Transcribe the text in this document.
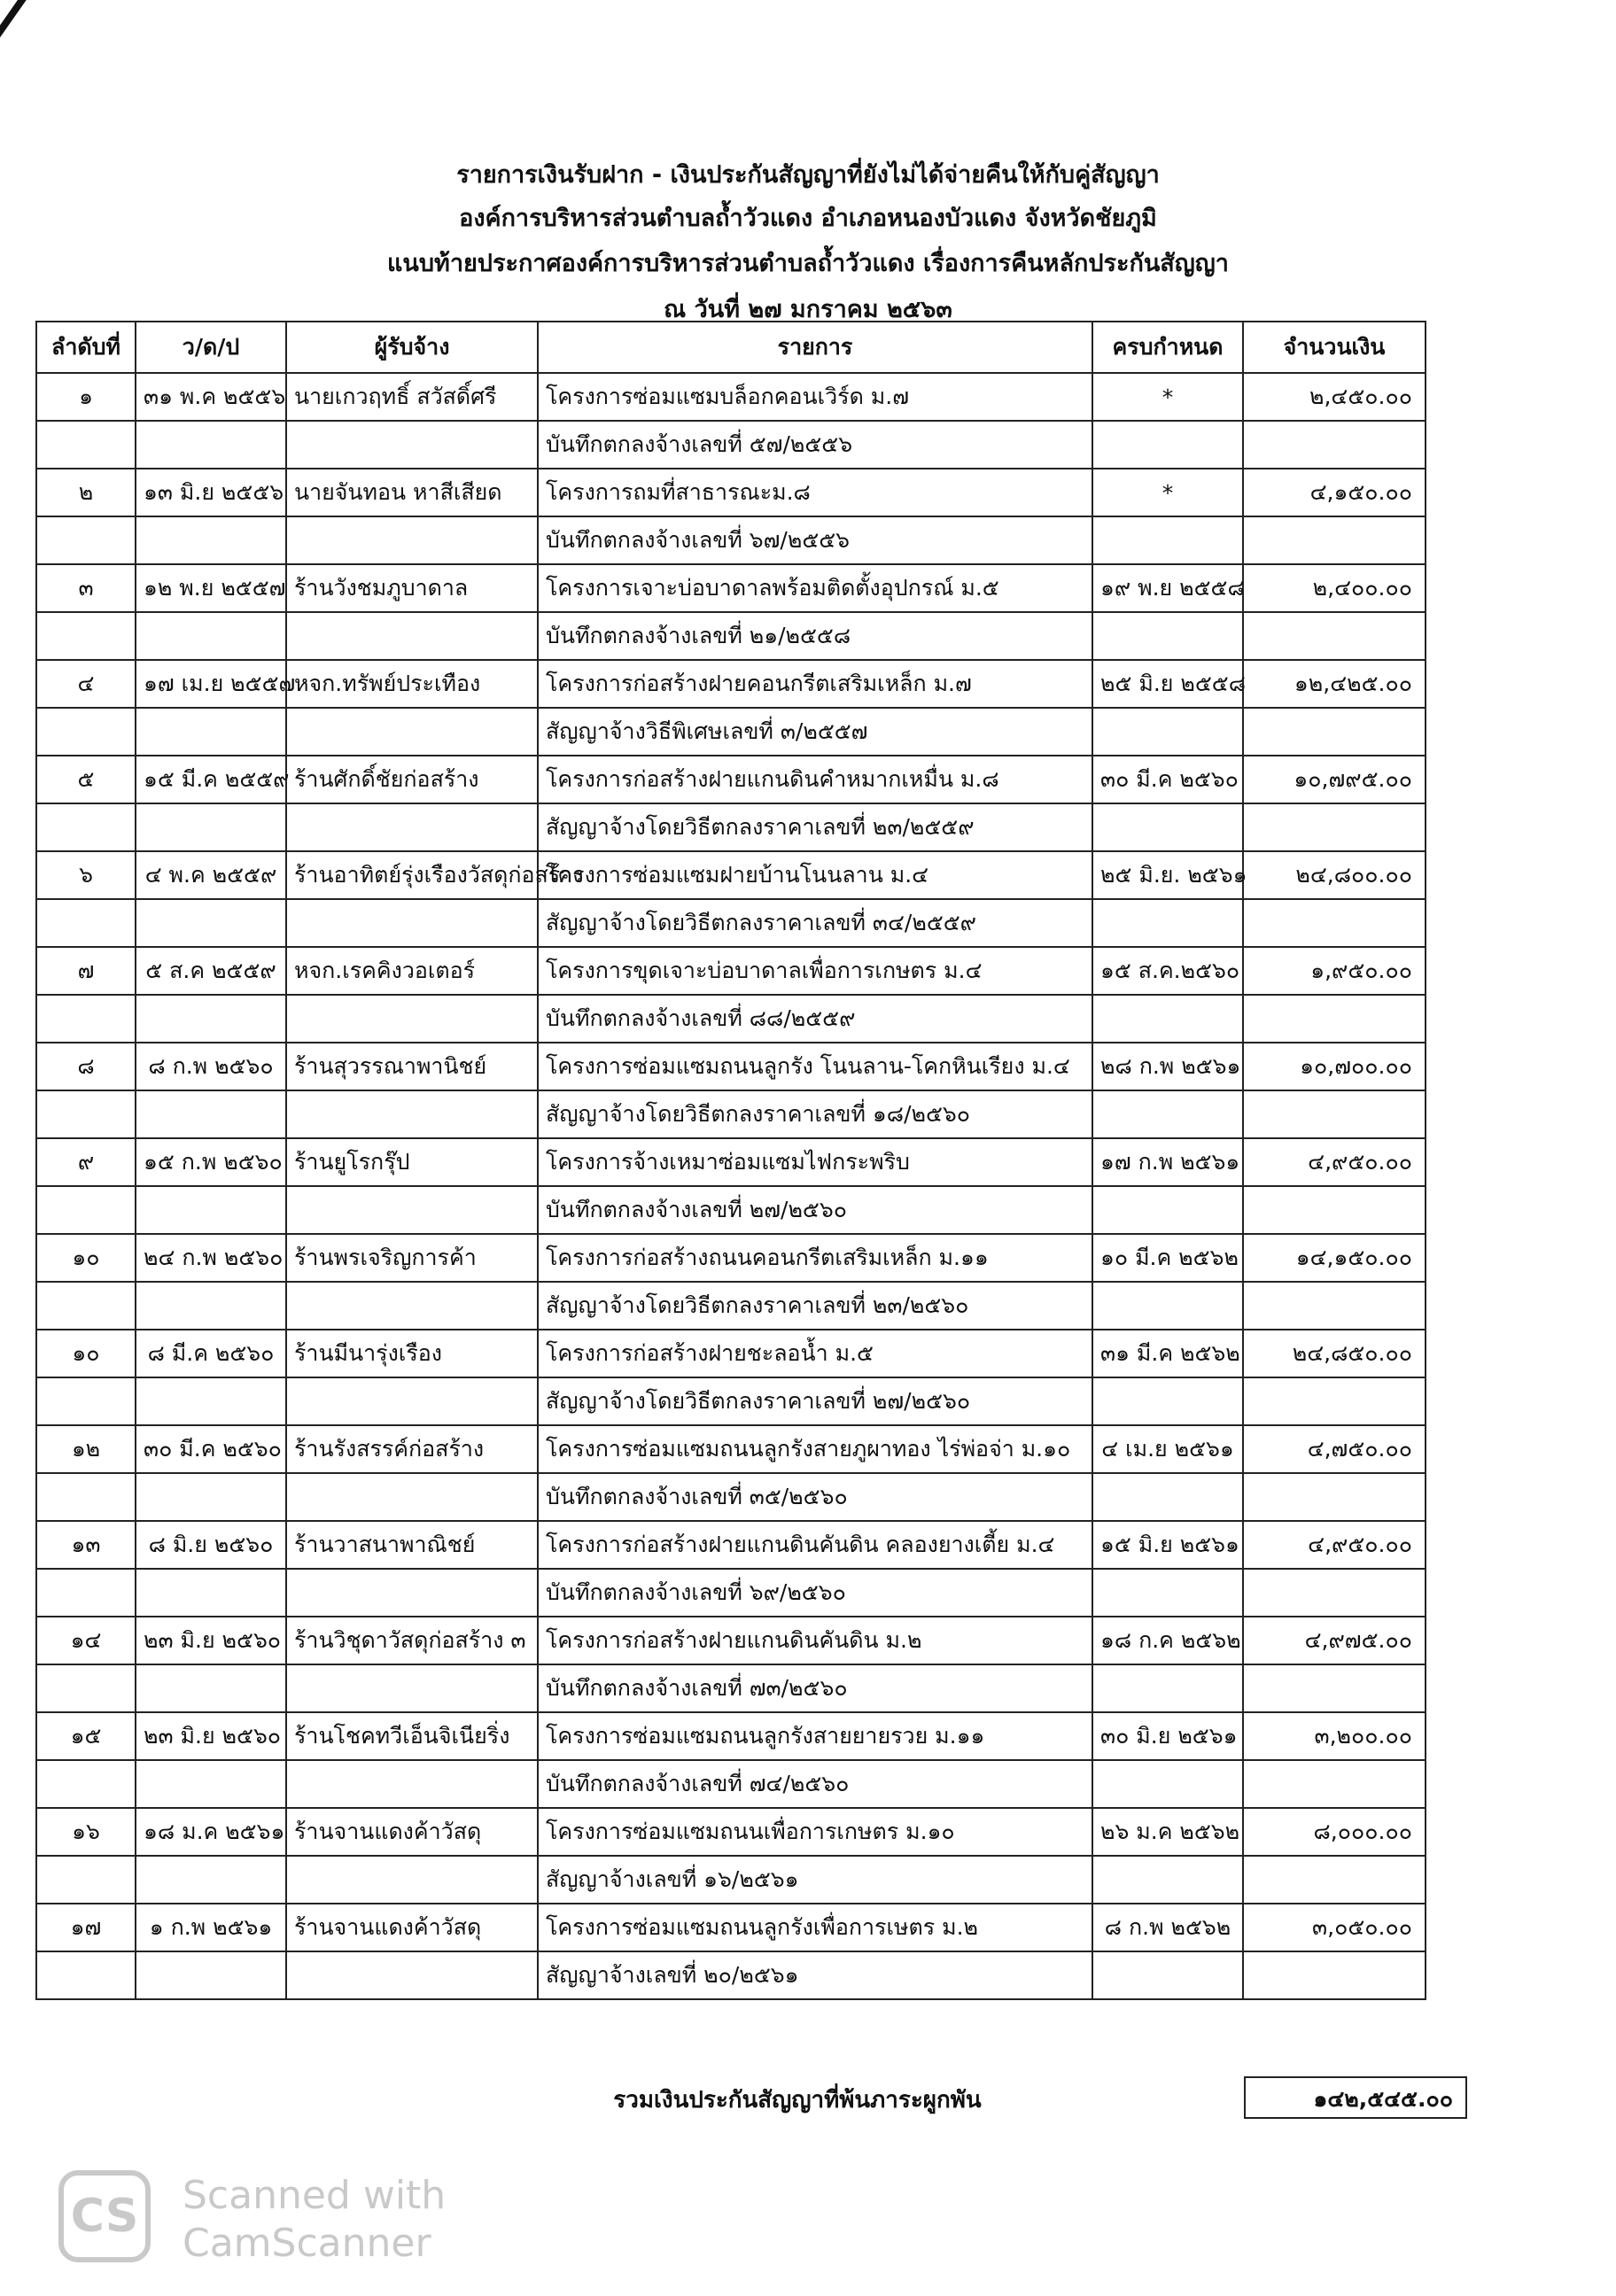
รายการเงินรับฝาก - เงินประกันสัญญาที่ยังไม่ได้จ่ายคืนให้กับคู่สัญญา
องค์การบริหารส่วนตำบลถ้ำวัวแดง อำเภอหนองบัวแดง จังหวัดชัยภูมิ
แนบท้ายประกาศองค์การบริหารส่วนตำบลถ้ำวัวแดง เรื่องการคืนหลักประกันสัญญา
ณ วันที่ ๒๗ มกราคม ๒๕๖๓
ลำดับที่	ว/ด/ป	ผู้รับจ้าง	รายการ	ครบกำหนด	จำนวนเงิน
๑	๓๑ พ.ค ๒๕๕๖	นายเกวฤทธิ์ สวัสดิ์ศรี	โครงการซ่อมแซมบล็อกคอนเวิร์ด ม.๗	*	๒,๔๕๐.๐๐
			บันทึกตกลงจ้างเลขที่ ๕๗/๒๕๕๖		
๒	๑๓ มิ.ย ๒๕๕๖	นายจันทอน หาสีเสียด	โครงการถมที่สาธารณะม.๘	*	๔,๑๕๐.๐๐
			บันทึกตกลงจ้างเลขที่ ๖๗/๒๕๕๖		
๓	๑๒ พ.ย ๒๕๕๗	ร้านวังชมภูบาดาล	โครงการเจาะบ่อบาดาลพร้อมติดตั้งอุปกรณ์ ม.๕	๑๙ พ.ย ๒๕๕๘	๒,๔๐๐.๐๐
			บันทึกตกลงจ้างเลขที่ ๒๑/๒๕๕๘		
๔	๑๗ เม.ย ๒๕๕๗	หจก.ทรัพย์ประเทือง	โครงการก่อสร้างฝายคอนกรีตเสริมเหล็ก ม.๗	๒๕ มิ.ย ๒๕๕๘	๑๒,๔๒๕.๐๐
			สัญญาจ้างวิธีพิเศษเลขที่ ๓/๒๕๕๗		
๕	๑๕ มี.ค ๒๕๕๙	ร้านศักดิ์ชัยก่อสร้าง	โครงการก่อสร้างฝายแกนดินคำหมากเหมื่น ม.๘	๓๐ มี.ค ๒๕๖๐	๑๐,๗๙๕.๐๐
			สัญญาจ้างโดยวิธีตกลงราคาเลขที่ ๒๓/๒๕๕๙		
๖	๔ พ.ค ๒๕๕๙	ร้านอาทิตย์รุ่งเรืองวัสดุก่อสร้าง	โครงการซ่อมแซมฝายบ้านโนนลาน ม.๔	๒๕ มิ.ย. ๒๕๖๑	๒๔,๘๐๐.๐๐
			สัญญาจ้างโดยวิธีตกลงราคาเลขที่ ๓๔/๒๕๕๙		
๗	๕ ส.ค ๒๕๕๙	หจก.เรคคิงวอเตอร์	โครงการขุดเจาะบ่อบาดาลเพื่อการเกษตร ม.๔	๑๕ ส.ค.๒๕๖๐	๑,๙๕๐.๐๐
			บันทึกตกลงจ้างเลขที่ ๘๘/๒๕๕๙		
๘	๘ ก.พ ๒๕๖๐	ร้านสุวรรณาพานิชย์	โครงการซ่อมแซมถนนลูกรัง โนนลาน-โคกหินเรียง ม.๔	๒๘ ก.พ ๒๕๖๑	๑๐,๗๐๐.๐๐
			สัญญาจ้างโดยวิธีตกลงราคาเลขที่ ๑๘/๒๕๖๐		
๙	๑๕ ก.พ ๒๕๖๐	ร้านยูโรกรุ๊ป	โครงการจ้างเหมาซ่อมแซมไฟกระพริบ	๑๗ ก.พ ๒๕๖๑	๔,๙๕๐.๐๐
			บันทึกตกลงจ้างเลขที่ ๒๗/๒๕๖๐		
๑๐	๒๔ ก.พ ๒๕๖๐	ร้านพรเจริญการค้า	โครงการก่อสร้างถนนคอนกรีตเสริมเหล็ก ม.๑๑	๑๐ มี.ค ๒๕๖๒	๑๔,๑๕๐.๐๐
			สัญญาจ้างโดยวิธีตกลงราคาเลขที่ ๒๓/๒๕๖๐		
๑๐	๘ มี.ค ๒๕๖๐	ร้านมีนารุ่งเรือง	โครงการก่อสร้างฝายชะลอน้ำ ม.๕	๓๑ มี.ค ๒๕๖๒	๒๔,๘๕๐.๐๐
			สัญญาจ้างโดยวิธีตกลงราคาเลขที่ ๒๗/๒๕๖๐		
๑๒	๓๐ มี.ค ๒๕๖๐	ร้านรังสรรค์ก่อสร้าง	โครงการซ่อมแซมถนนลูกรังสายภูผาทอง ไร่พ่อจ่า ม.๑๐	๔ เม.ย ๒๕๖๑	๔,๗๕๐.๐๐
			บันทึกตกลงจ้างเลขที่ ๓๕/๒๕๖๐		
๑๓	๘ มิ.ย ๒๕๖๐	ร้านวาสนาพาณิชย์	โครงการก่อสร้างฝายแกนดินคันดิน คลองยางเตี้ย ม.๔	๑๕ มิ.ย ๒๕๖๑	๔,๙๕๐.๐๐
			บันทึกตกลงจ้างเลขที่ ๖๙/๒๕๖๐		
๑๔	๒๓ มิ.ย ๒๕๖๐	ร้านวิชุดาวัสดุก่อสร้าง ๓	โครงการก่อสร้างฝายแกนดินคันดิน ม.๒	๑๘ ก.ค ๒๕๖๒	๔,๙๗๕.๐๐
			บันทึกตกลงจ้างเลขที่ ๗๓/๒๕๖๐		
๑๕	๒๓ มิ.ย ๒๕๖๐	ร้านโชคทวีเอ็นจิเนียริ่ง	โครงการซ่อมแซมถนนลูกรังสายยายรวย ม.๑๑	๓๐ มิ.ย ๒๕๖๑	๓,๒๐๐.๐๐
			บันทึกตกลงจ้างเลขที่ ๗๔/๒๕๖๐		
๑๖	๑๘ ม.ค ๒๕๖๑	ร้านจานแดงค้าวัสดุ	โครงการซ่อมแซมถนนเพื่อการเกษตร ม.๑๐	๒๖ ม.ค ๒๕๖๒	๘,๐๐๐.๐๐
			สัญญาจ้างเลขที่ ๑๖/๒๕๖๑		
๑๗	๑ ก.พ ๒๕๖๑	ร้านจานแดงค้าวัสดุ	โครงการซ่อมแซมถนนลูกรังเพื่อการเษตร ม.๒	๘ ก.พ ๒๕๖๒	๓,๐๕๐.๐๐
			สัญญาจ้างเลขที่ ๒๐/๒๕๖๑		
รวมเงินประกันสัญญาที่พ้นภาระผูกพัน	๑๔๒,๕๔๕.๐๐
CS	Scanned with
CamScanner
